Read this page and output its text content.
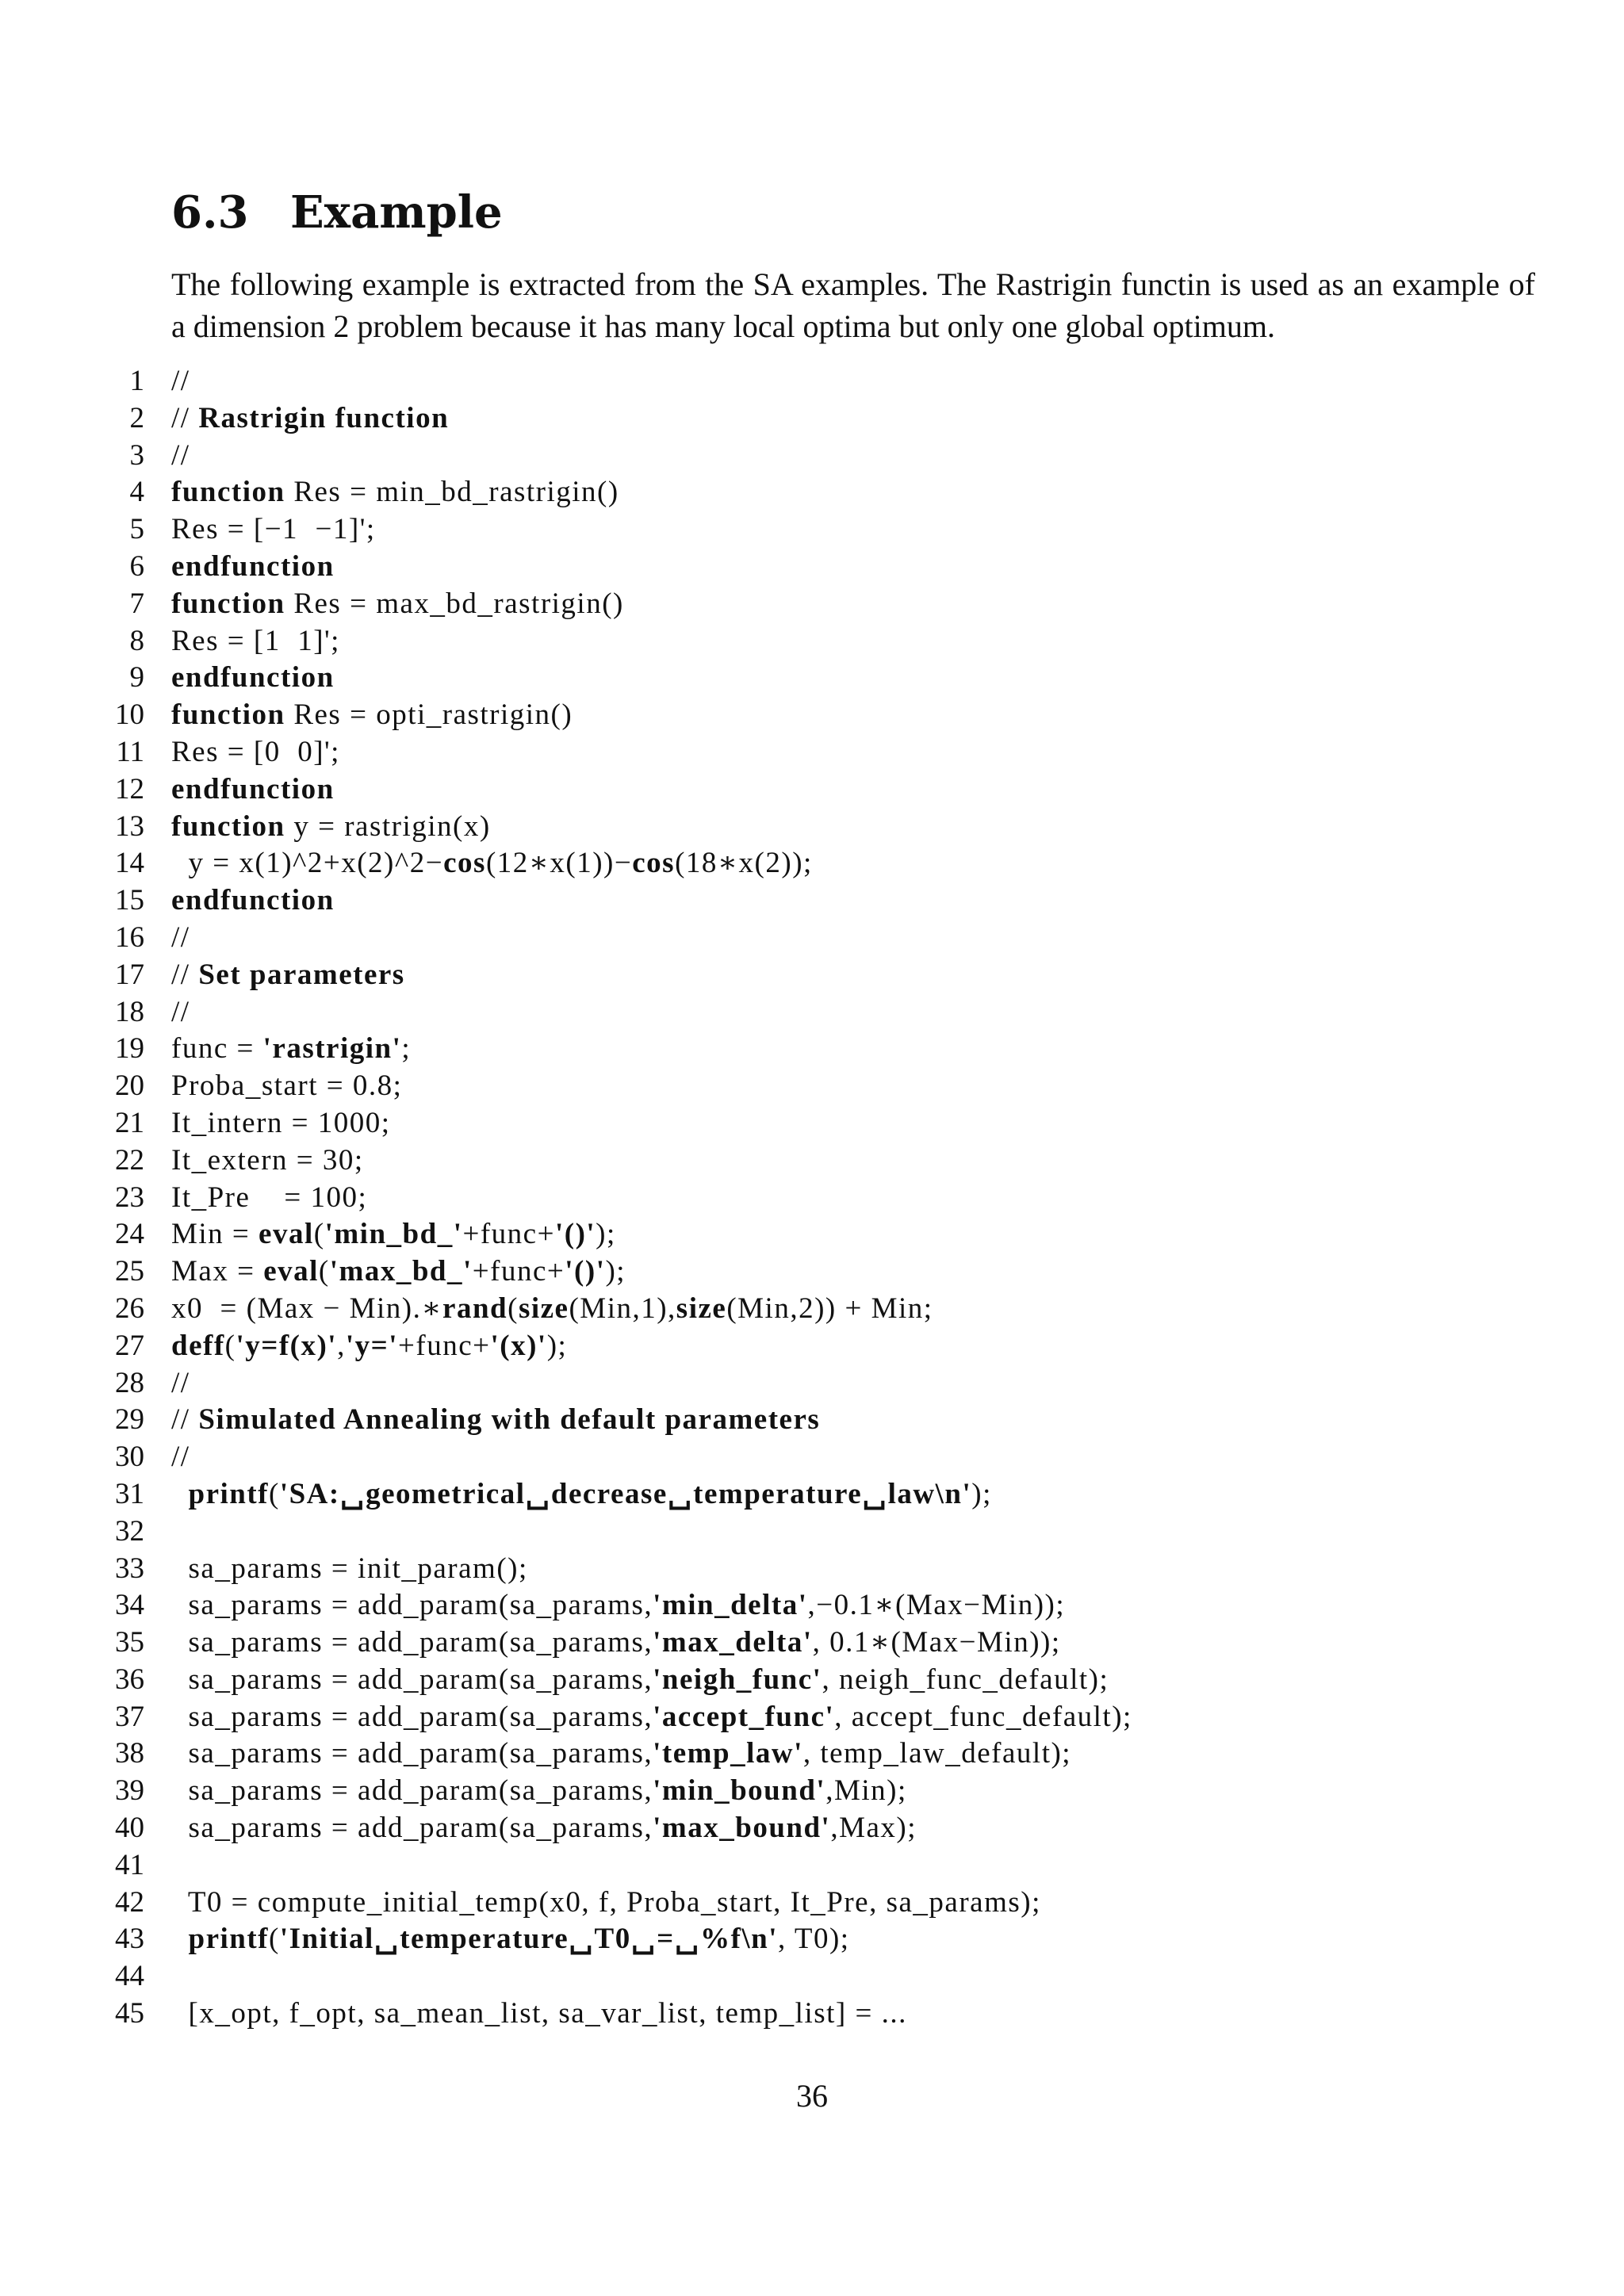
6.3 Example

The following example is extracted from the SA examples. The Rastrigin functin is used as an example of a dimension 2 problem because it has many local optima but only one global optimum.

1 //
2 // Rastrigin function
3 //
4 function Res = min_bd_rastrigin()
5 Res = [−1  −1]';
6 endfunction
7 function Res = max_bd_rastrigin()
8 Res = [1  1]';
9 endfunction
10 function Res = opti_rastrigin()
11 Res = [0  0]';
12 endfunction
13 function y = rastrigin(x)
14 y = x(1)^2+x(2)^2−cos(12∗x(1))−cos(18∗x(2));
15 endfunction
16 //
17 // Set parameters
18 //
19 func = 'rastrigin';
20 Proba_start = 0.8;
21 It_intern = 1000;
22 It_extern = 30;
23 It_Pre    = 100;
24 Min = eval('min_bd_'+func+'()');
25 Max = eval('max_bd_'+func+'()');
26 x0  = (Max − Min).∗rand(size(Min,1),size(Min,2)) + Min;
27 deff('y=f(x)','y='+func+'(x)');
28 //
29 // Simulated Annealing with default parameters
30 //
31	printf('SA:␣geometrical␣decrease␣temperature␣law\n');
32
33 sa_params = init_param();
34 sa_params = add_param(sa_params,'min_delta',−0.1∗(Max−Min));
35 sa_params = add_param(sa_params,'max_delta', 0.1∗(Max−Min));
36 sa_params = add_param(sa_params,'neigh_func', neigh_func_default);
37 sa_params = add_param(sa_params,'accept_func', accept_func_default);
38 sa_params = add_param(sa_params,'temp_law', temp_law_default);
39 sa_params = add_param(sa_params,'min_bound',Min);
40 sa_params = add_param(sa_params,'max_bound',Max);
41
42 T0 = compute_initial_temp(x0, f, Proba_start, It_Pre, sa_params);
43	printf('Initial␣temperature␣T0␣=␣%f\n', T0);
44
45 [x_opt, f_opt, sa_mean_list, sa_var_list, temp_list] = ...
36
